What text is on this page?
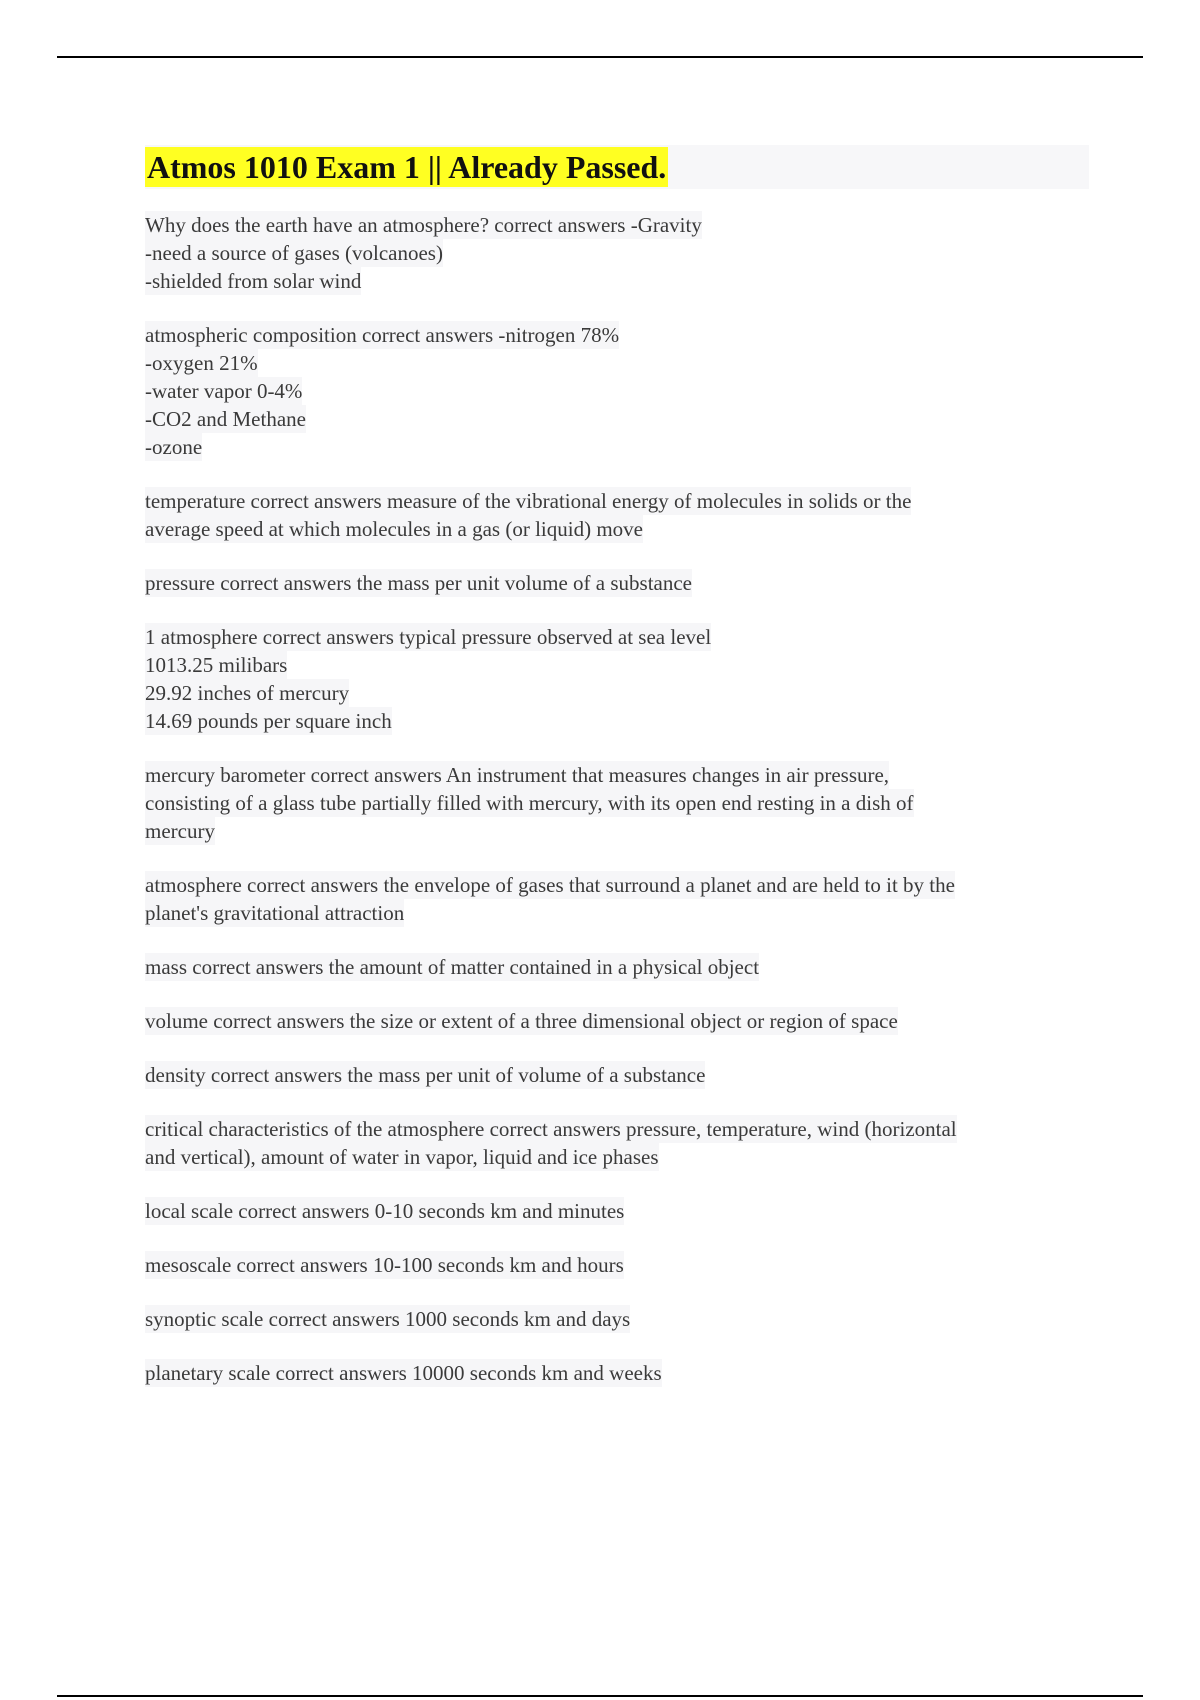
Atmos 1010 Exam 1 || Already Passed.
Why does the earth have an atmosphere? correct answers -Gravity
-need a source of gases (volcanoes)
-shielded from solar wind
atmospheric composition correct answers -nitrogen 78%
-oxygen 21%
-water vapor 0-4%
-CO2 and Methane
-ozone
temperature correct answers measure of the vibrational energy of molecules in solids or the
average speed at which molecules in a gas (or liquid) move
pressure correct answers the mass per unit volume of a substance
1 atmosphere correct answers typical pressure observed at sea level
1013.25 milibars
29.92 inches of mercury
14.69 pounds per square inch
mercury barometer correct answers An instrument that measures changes in air pressure,
consisting of a glass tube partially filled with mercury, with its open end resting in a dish of
mercury
atmosphere correct answers the envelope of gases that surround a planet and are held to it by the
planet's gravitational attraction
mass correct answers the amount of matter contained in a physical object
volume correct answers the size or extent of a three dimensional object or region of space
density correct answers the mass per unit of volume of a substance
critical characteristics of the atmosphere correct answers pressure, temperature, wind (horizontal
and vertical), amount of water in vapor, liquid and ice phases
local scale correct answers 0-10 seconds km and minutes
mesoscale correct answers 10-100 seconds km and hours
synoptic scale correct answers 1000 seconds km and days
planetary scale correct answers 10000 seconds km and weeks
